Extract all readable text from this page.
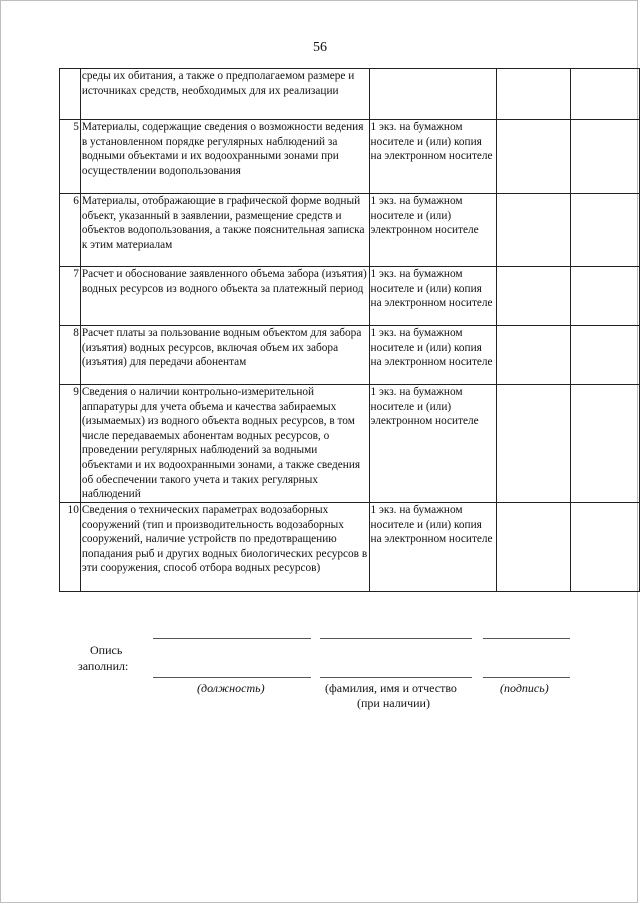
56
	среды их обитания, а также о предполагаемом размере и источниках средств, необходимых для их реализации			
5	Материалы, содержащие сведения о возможности ведения в установленном порядке регулярных наблюдений за водными объектами и их водоохранными зонами при осуществлении водопользования	1 экз. на бумажном носителе и (или) копия на электронном носителе		
6	Материалы, отображающие в графической форме водный объект, указанный в заявлении, размещение средств и объектов водопользования, а также пояснительная записка к этим материалам	1 экз. на бумажном носителе и (или) электронном носителе		
7	Расчет и обоснование заявленного объема забора (изъятия) водных ресурсов из водного объекта за платежный период	1 экз. на бумажном носителе и (или) копия на электронном носителе		
8	Расчет платы за пользование водным объектом для забора (изъятия) водных ресурсов, включая объем их забора (изъятия) для передачи абонентам	1 экз. на бумажном носителе и (или) копия на электронном носителе		
9	Сведения о наличии контрольно-измерительной аппаратуры для учета объема и качества забираемых (изымаемых) из водного объекта водных ресурсов, в том числе передаваемых абонентам водных ресурсов, о проведении регулярных наблюдений за водными объектами и их водоохранными зонами, а также сведения об обеспечении такого учета и таких регулярных наблюдений	1 экз. на бумажном носителе и (или) электронном носителе		
10	Сведения о технических параметрах водозаборных сооружений (тип и производительность водозаборных сооружений, наличие устройств по предотвращению попадания рыб и других водных биологических ресурсов в эти сооружения, способ отбора водных ресурсов)	1 экз. на бумажном носителе и (или) копия на электронном носителе		
Опись
заполнил:
(должность)	(фамилия, имя и отчество
(при наличии)
(подпись)
